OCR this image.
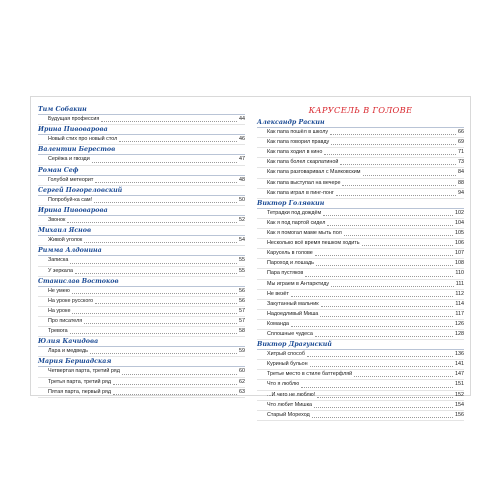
Тим Собакин
Будущая профессия	44
Ирина Пивоварова
Новый стих про новый стол	46
Валентин Берестов
Серёжа и гвозди	47
Роман Сеф
Голубой метеорит	48
Сергей Погореловский
Попробуй-ка сам!	50
Ирина Пивоварова
Звонок	52
Михаил Яснов
Живой уголок	54
Римма Алдонина
Записка	55
У зеркала	55
Станислав Востоков
Не умею	56
На уроке русского	56
На уроке	57
Про писателя	57
Тревога	58
Юлия Качидова
Лара и медведь	59
Мария Бершадская
Четвертая парта, третий ряд	60
Третья парта, третий ряд	62
Пятая парта, первый ряд	63
КАРУСЕЛЬ В ГОЛОВЕ
Александр Раскин
Как папа пошёл в школу	66
Как папа говорил правду	69
Как папа ходил в кино	71
Как папа болел скарлатиной	73
Как папа разговаривал с Маяковским	84
Как папа выступал на вечере	88
Как папа играл в пинг-понг	94
Виктор Голявкин
Тетрадки под дождём	102
Как я под партой сидел	104
Как я помогал маме мыть пол	105
Несколько всё время пешком ходить	106
Карусель в голове	107
Пароход и лошадь	108
Пара пустяков	110
Мы играем в Антарктиду	111
Не везёт	112
Закутанный мальчик	114
Надоедливый Миша	117
Команда	126
Сплошные чудеса	128
Виктор Драгунский
Хитрый способ	136
Куриный бульон	141
Третье место в стиле баттерфляй	147
Что я люблю	151
...И чего не люблю!	152
Что любит Мишка	154
Старый Мореход	156
